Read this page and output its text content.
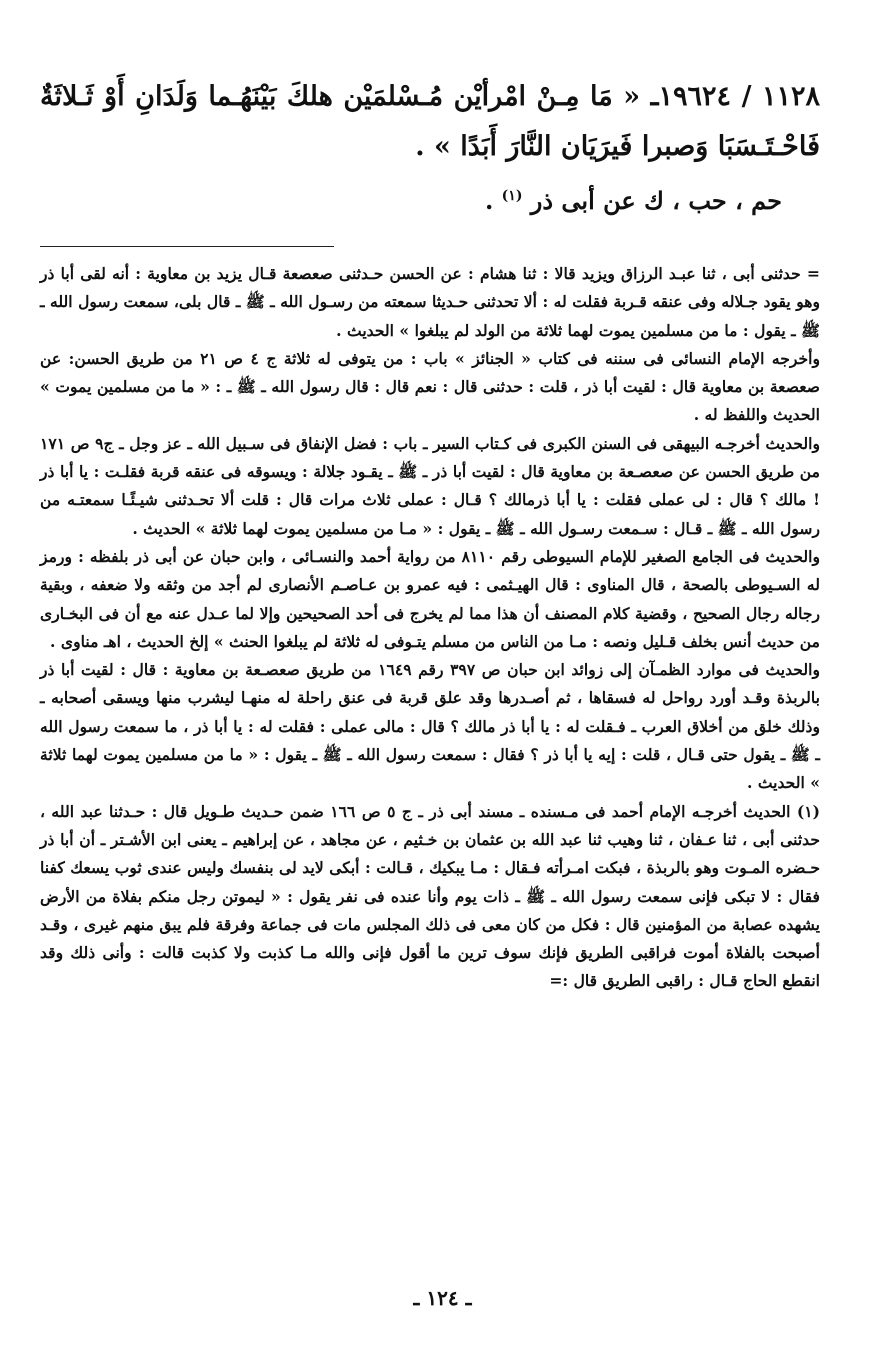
١١٢٨ / ١٩٦٢٤ـ « مَا مِـنْ امْرأيْن مُـسْلمَيْن هلكَ بَيْنَهُـما وَلَدَانِ أَوْ ثَـلاثَةٌ فَاحْـتَـسَبَا وَصبرا فَيرَيَان النَّارَ أَبَدًا » .

حم ، حب ، ك عن أبى ذر $^{(١)}$ .

= حدثنى أبى ، ثنا عبـد الرزاق ويزيد قالا : ثنا هشام : عن الحسن حـدثنى صعصعة قـال يزيد بن معاوية : أنه لقى أبا ذر وهو يقود جـلاله وفى عنقه قـربة فقلت له : ألا تحدثنى حـديثا سمعته من رسـول الله ـ ﷺ ـ قال بلى، سمعت رسول الله ـ ﷺ ـ يقول : ما من مسلمين يموت لهما ثلاثة من الولد لم يبلغوا » الحديث .

وأخرجه الإمام النسائى فى سننه فى كتاب « الجنائز » باب : من يتوفى له ثلاثة ج ٤ ص ٢١ من طريق الحسن: عن صعصعة بن معاوية قال : لقيت أبا ذر ، قلت : حدثنى قال : نعم قال : قال رسول الله ـ ﷺ ـ : « ما من مسلمين يموت » الحديث واللفظ له .

والحديث أخرجـه البيهقى فى السنن الكبرى فى كـتاب السير ـ باب : فضل الإنفاق فى سـبيل الله ـ عز وجل ـ ج٩ ص ١٧١ من طريق الحسن عن صعصـعة بن معاوية قال : لقيت أبا ذر ـ ﷺ ـ يقـود جلالة : ويسوقه فى عنقه قربة فقلـت : يا أبا ذر ! مالك ؟ قال : لى عملى فقلت : يا أبا ذرمالك ؟ قـال : عملى ثلاث مرات قال : قلت ألا تحـدثنى شيـئًـا سمعتـه من رسول الله ـ ﷺ ـ قـال : سـمعت رسـول الله ـ ﷺ ـ يقول : « مـا من مسلمين يموت لهما ثلاثة » الحديث .

والحديث فى الجامع الصغير للإمام السيوطى رقم ٨١١٠ من رواية أحمد والنسـائى ، وابن حبان عن أبى ذر بلفظه : ورمز له السـيوطى بالصحة ، قال المناوى : قال الهيـثمى : فيه عمرو بن عـاصـم الأنصارى لم أجد من وثقه ولا ضعفه ، وبقية رجاله رجال الصحيح ، وقضية كلام المصنف أن هذا مما لم يخرج فى أحد الصحيحين وإلا لما عـدل عنه مع أن فى البخـارى من حديث أنس بخلف قـليل ونصه : مـا من الناس من مسلم يتـوفى له ثلاثة لم يبلغوا الحنث » إلخ الحديث ، اهـ مناوى .

والحديث فى موارد الظمـآن إلى زوائد ابن حبان ص ٣٩٧ رقم ١٦٤٩ من طريق صعصـعة بن معاوية : قال : لقيت أبا ذر بالربذة وقـد أورد رواحل له فسقاها ، ثم أصـدرها وقد علق قربة فى عنق راحلة له منهـا ليشرب منها ويسقى أصحابه ـ وذلك خلق من أخلاق العرب ـ فـقلت له : يا أبا ذر مالك ؟ قال : مالى عملى : فقلت له : يا أبا ذر ، ما سمعت رسول الله ـ ﷺ ـ يقول حتى قـال ، قلت : إيه يا أبا ذر ؟ فقال : سمعت رسول الله ـ ﷺ ـ يقول : « ما من مسلمين يموت لهما ثلاثة » الحديث .

(١) الحديث أخرجـه الإمام أحمد فى مـسنده ـ مسند أبى ذر ـ ج ٥ ص ١٦٦ ضمن حـديث طـويل قال : حـدثنا عبد الله ، حدثنى أبى ، ثنا عـفان ، ثنا وهيب ثنا عبد الله بن عثمان بن خـثيم ، عن مجاهد ، عن إبراهيم ـ يعنى ابن الأشـتر ـ أن أبا ذر حـضره المـوت وهو بالربذة ، فبكت امـرأته فـقال : مـا يبكيك ، قـالت : أبكى لايد لى بنفسك وليس عندى ثوب يسعك كفنا فقال : لا تبكى فإنى سمعت رسول الله ـ ﷺ ـ ذات يوم وأنا عنده فى نفر يقول : « ليموتن رجل منكم بفلاة من الأرض يشهده عصابة من المؤمنين قال : فكل من كان معى فى ذلك المجلس مات فى جماعة وفرقة فلم يبق منهم غيرى ، وقـد أصبحت بالفلاة أموت فراقبى الطريق فإنك سوف ترين ما أقول فإنى والله مـا كذبت ولا كذبت قالت : وأنى ذلك وقد انقطع الحاج قـال : راقبى الطريق قال :=

ـ ١٢٤ ـ
